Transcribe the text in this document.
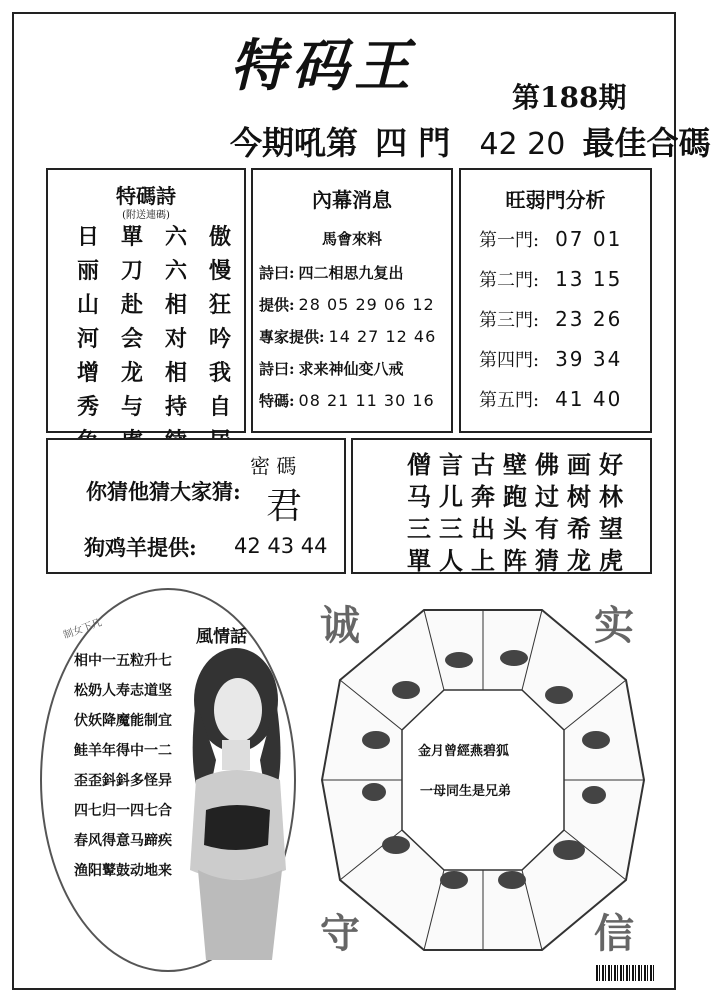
特码王	第188期
今期吼第 四 門 42 20 最佳合碼
特碼詩
(附送連碼)
日 單 六 傲
丽 刀 六 慢
山 赴 相 狂
河 会 对 吟
增 龙 相 我
秀 与 持 自
內幕消息
馬會來料
詩曰: 四二相思九复出
提供: 28 05 29 06 12
專家提供: 14 27 12 46
詩曰: 求来神仙变八戒
特碼: 08 21 11 30 16
旺弱門分析
第一門: 07 01
第二門: 13 15
第三門: 23 26
第四門: 39 34
第五門: 41 40
你猜他猜大家猜:
密 碼
君
狗鸡羊提供: 42 43 44
僧 言 古 壁 佛 画 好
马 儿 奔 跑 过 树 林
三 三 出 头 有 希 望
單 人 上 阵 猜 龙 虎
制女下凡	風情話
相中一五粒升七
松奶人寿志道坚
伏妖降魔能制宜
鲑羊年得中一二
歪歪鈄鈄多怪异
四七归一四七合
春风得意马蹄疾
渔阳鼙鼓动地来
诚	实
守	信
金月曾經燕碧狐
一母同生是兄弟
